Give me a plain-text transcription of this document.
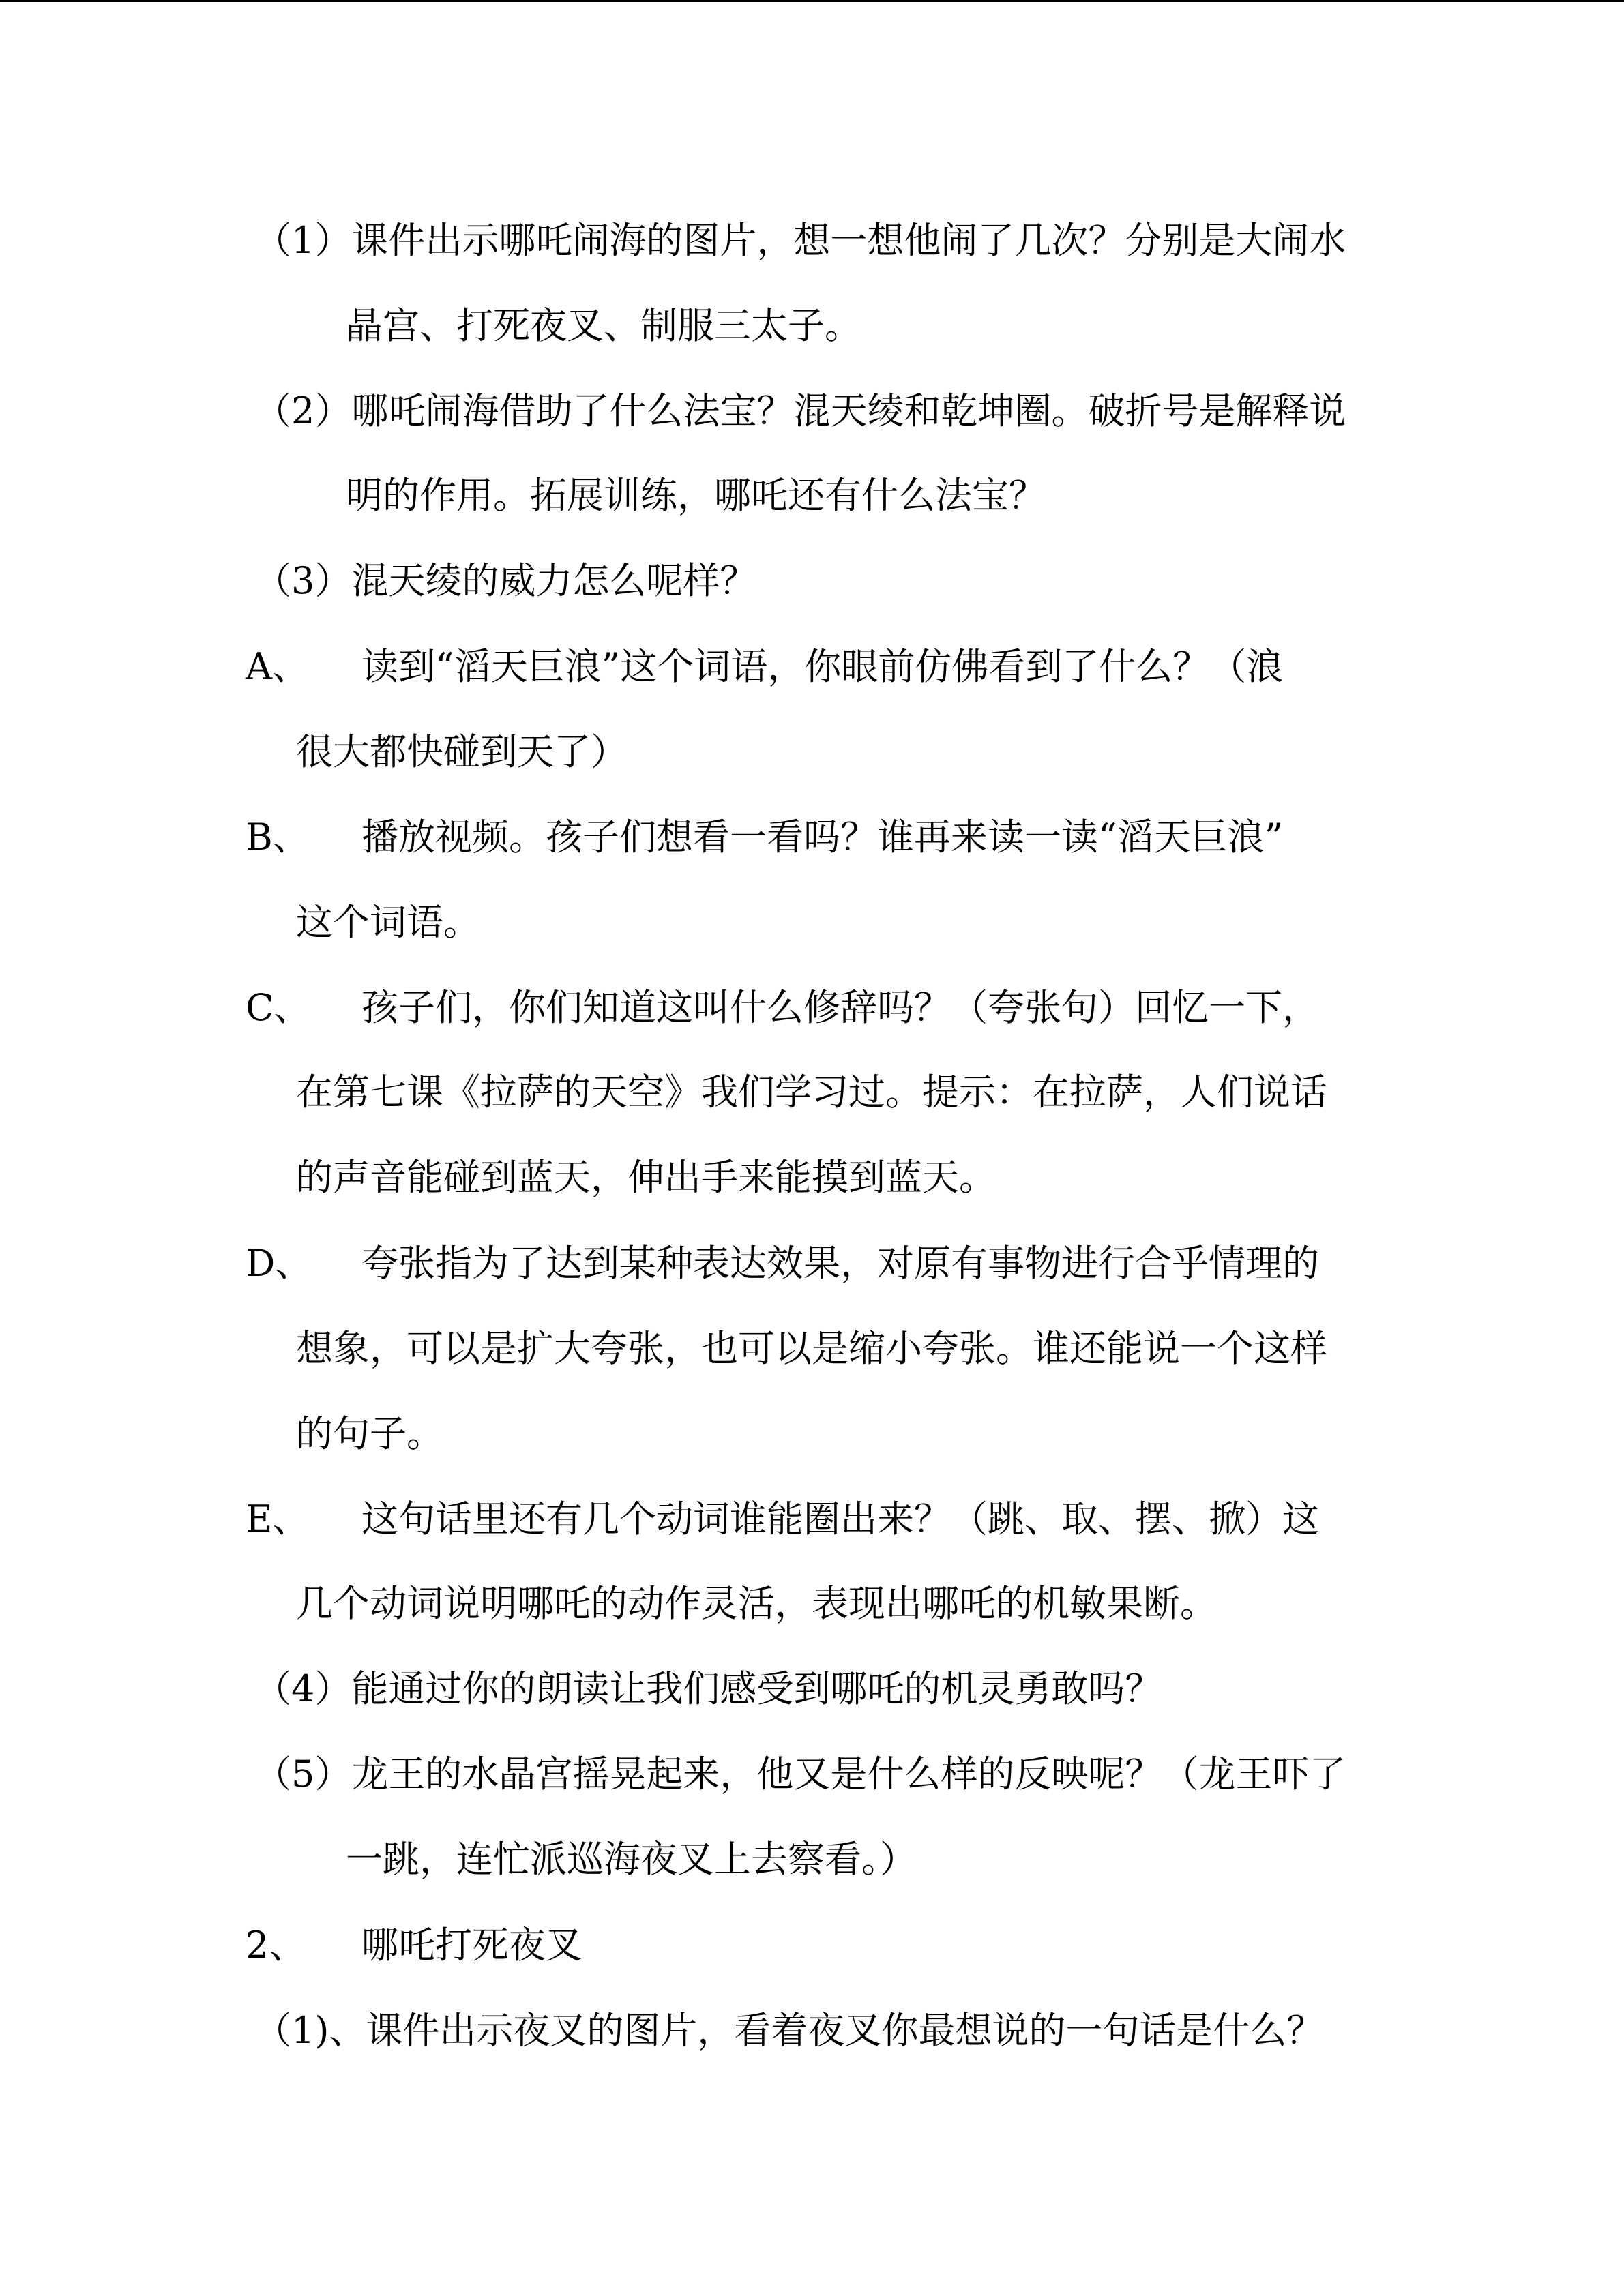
（1）课件出示哪吒闹海的图片，想一想他闹了几次？分别是大闹水
晶宫、打死夜叉、制服三太子。
（2）哪吒闹海借助了什么法宝？混天绫和乾坤圈。破折号是解释说
明的作用。拓展训练，哪吒还有什么法宝？
（3）混天绫的威力怎么呢样？
A、 读到“滔天巨浪”这个词语，你眼前仿佛看到了什么？（浪
很大都快碰到天了）
B、 播放视频。孩子们想看一看吗？谁再来读一读“滔天巨浪”
这个词语。
C、 孩子们，你们知道这叫什么修辞吗？（夸张句）回忆一下，
在第七课《拉萨的天空》我们学习过。提示：在拉萨，人们说话
的声音能碰到蓝天，伸出手来能摸到蓝天。
D、 夸张指为了达到某种表达效果，对原有事物进行合乎情理的
想象，可以是扩大夸张，也可以是缩小夸张。谁还能说一个这样
的句子。
E、 这句话里还有几个动词谁能圈出来？（跳、取、摆、掀）这
几个动词说明哪吒的动作灵活，表现出哪吒的机敏果断。
（4）能通过你的朗读让我们感受到哪吒的机灵勇敢吗？
（5）龙王的水晶宫摇晃起来，他又是什么样的反映呢？（龙王吓了
一跳，连忙派巡海夜叉上去察看。）
2、 哪吒打死夜叉
（1)、课件出示夜叉的图片，看着夜叉你最想说的一句话是什么？
